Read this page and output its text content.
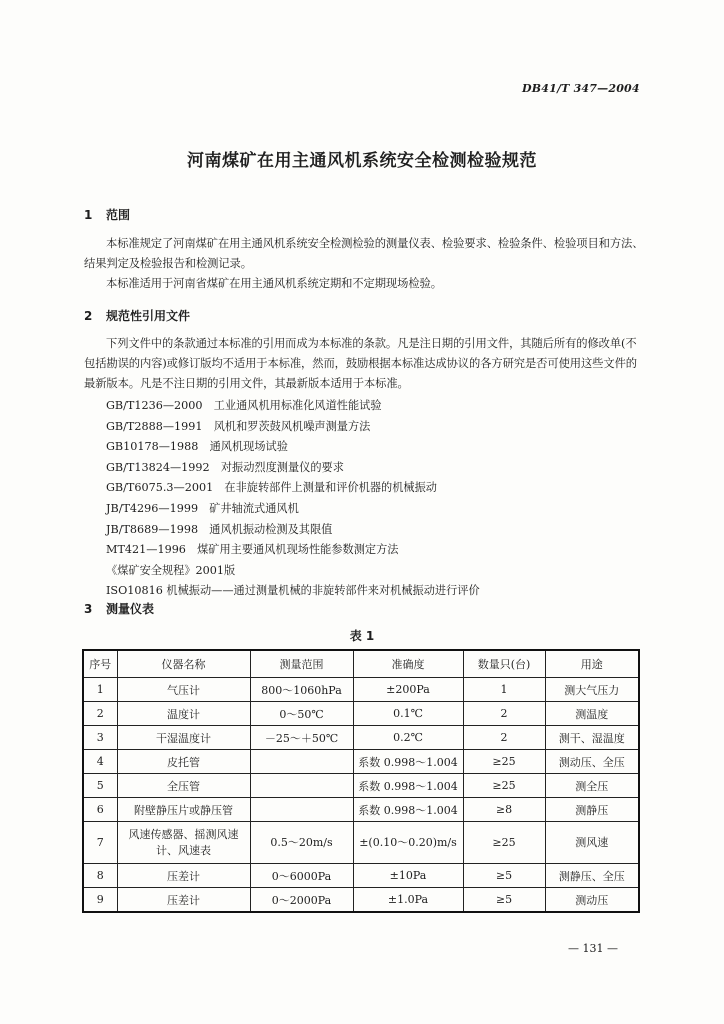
DB41/T 347—2004
河南煤矿在用主通风机系统安全检测检验规范
1 范围

本标准规定了河南煤矿在用主通风机系统安全检测检验的测量仪表、检验要求、检验条件、检验项目和方法、结果判定及检验报告和检测记录。

本标准适用于河南省煤矿在用主通风机系统定期和不定期现场检验。

2 规范性引用文件

下列文件中的条款通过本标准的引用而成为本标准的条款。凡是注日期的引用文件，其随后所有的修改单(不包括勘误的内容)或修订版均不适用于本标准，然而，鼓励根据本标准达成协议的各方研究是否可使用这些文件的最新版本。凡是不注日期的引用文件，其最新版本适用于本标准。

GB/T1236—2000　工业通风机用标准化风道性能试验
GB/T2888—1991　风机和罗茨鼓风机噪声测量方法
GB10178—1988　通风机现场试验
GB/T13824—1992　对振动烈度测量仪的要求
GB/T6075.3—2001　在非旋转部件上测量和评价机器的机械振动
JB/T4296—1999　矿井轴流式通风机
JB/T8689—1998　通风机振动检测及其限值
MT421—1996　煤矿用主要通风机现场性能参数测定方法
《煤矿安全规程》2001版
ISO10816 机械振动——通过测量机械的非旋转部件来对机械振动进行评价
3 测量仪表
表 1
序号	仪器名称	测量范围	准确度	数量只(台)	用途
1	气压计	800～1060hPa	±200Pa	1	测大气压力
2	温度计	0～50℃	0.1℃	2	测温度
3	干湿温度计	－25～＋50℃	0.2℃	2	测干、湿温度
4	皮托管		系数 0.998～1.004	≥25	测动压、全压
5	全压管		系数 0.998～1.004	≥25	测全压
6	附壁静压片或静压管		系数 0.998～1.004	≥8	测静压
7	风速传感器、摇测风速计、风速表	0.5～20m/s	±(0.10～0.20)m/s	≥25	测风速
8	压差计	0～6000Pa	±10Pa	≥5	测静压、全压
9	压差计	0～2000Pa	±1.0Pa	≥5	测动压
— 131 —
